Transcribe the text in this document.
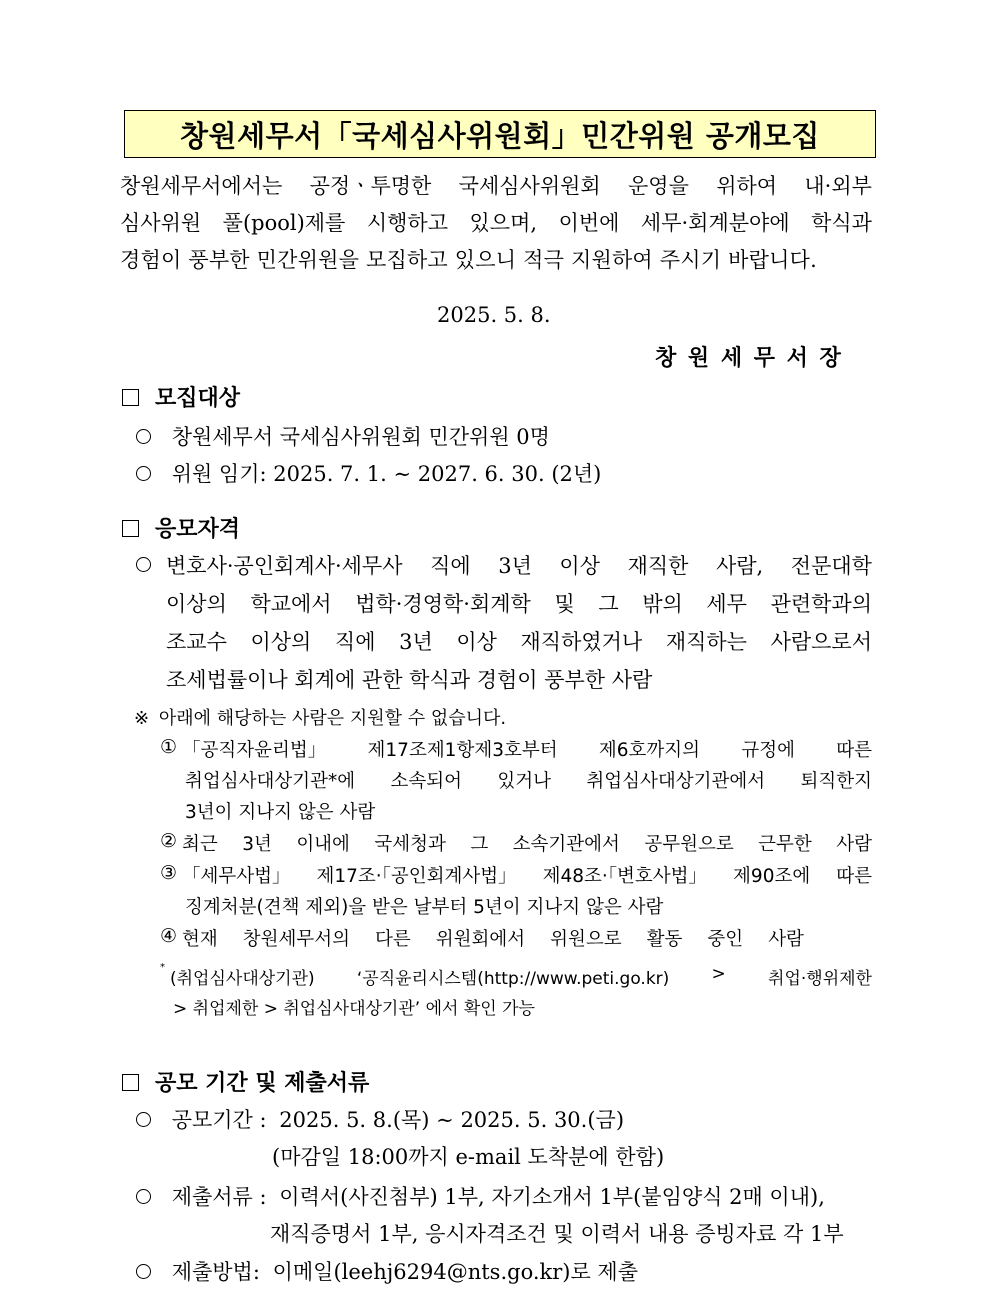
창원세무서「국세심사위원회」민간위원 공개모집
창원세무서에서는 공정ㆍ투명한 국세심사위원회 운영을 위하여 내·외부
심사위원 풀(pool)제를 시행하고 있으며, 이번에 세무·회계분야에 학식과
경험이 풍부한 민간위원을 모집하고 있으니 적극 지원하여 주시기 바랍니다.
2025. 5. 8.
창 원 세 무 서 장
모집대상
창원세무서 국세심사위원회 민간위원 0명
위원 임기: 2025. 7. 1. ∼ 2027. 6. 30. (2년)
응모자격
변호사·공인회계사·세무사 직에 3년 이상 재직한 사람, 전문대학
이상의 학교에서 법학·경영학·회계학 및 그 밖의 세무 관련학과의
조교수 이상의 직에 3년 이상 재직하였거나 재직하는 사람으로서
조세법률이나 회계에 관한 학식과 경험이 풍부한 사람
※ 아래에 해당하는 사람은 지원할 수 없습니다.
① 「공직자윤리법」 제17조제1항제3호부터 제6호까지의 규정에 따른
취업심사대상기관*에 소속되어 있거나 취업심사대상기관에서 퇴직한지
3년이 지나지 않은 사람
② 최근 3년 이내에 국세청과 그 소속기관에서 공무원으로 근무한 사람
③ 「세무사법」 제17조·「공인회계사법」 제48조·「변호사법」 제90조에 따른
징계처분(견책 제외)을 받은 날부터 5년이 지나지 않은 사람
④ 현재 창원세무서의 다른 위원회에서 위원으로 활동 중인 사람
*
(취업심사대상기관) ‘공직윤리시스템(http://www.peti.go.kr) > 취업·행위제한
> 취업제한 > 취업심사대상기관’ 에서 확인 가능
공모 기간 및 제출서류
공모기간 : 2025. 5. 8.(목) ∼ 2025. 5. 30.(금)
(마감일 18:00까지 e-mail 도착분에 한함)
제출서류 : 이력서(사진첨부) 1부, 자기소개서 1부(붙임양식 2매 이내),
재직증명서 1부, 응시자격조건 및 이력서 내용 증빙자료 각 1부
제출방법: 이메일(leehj6294@nts.go.kr)로 제출
